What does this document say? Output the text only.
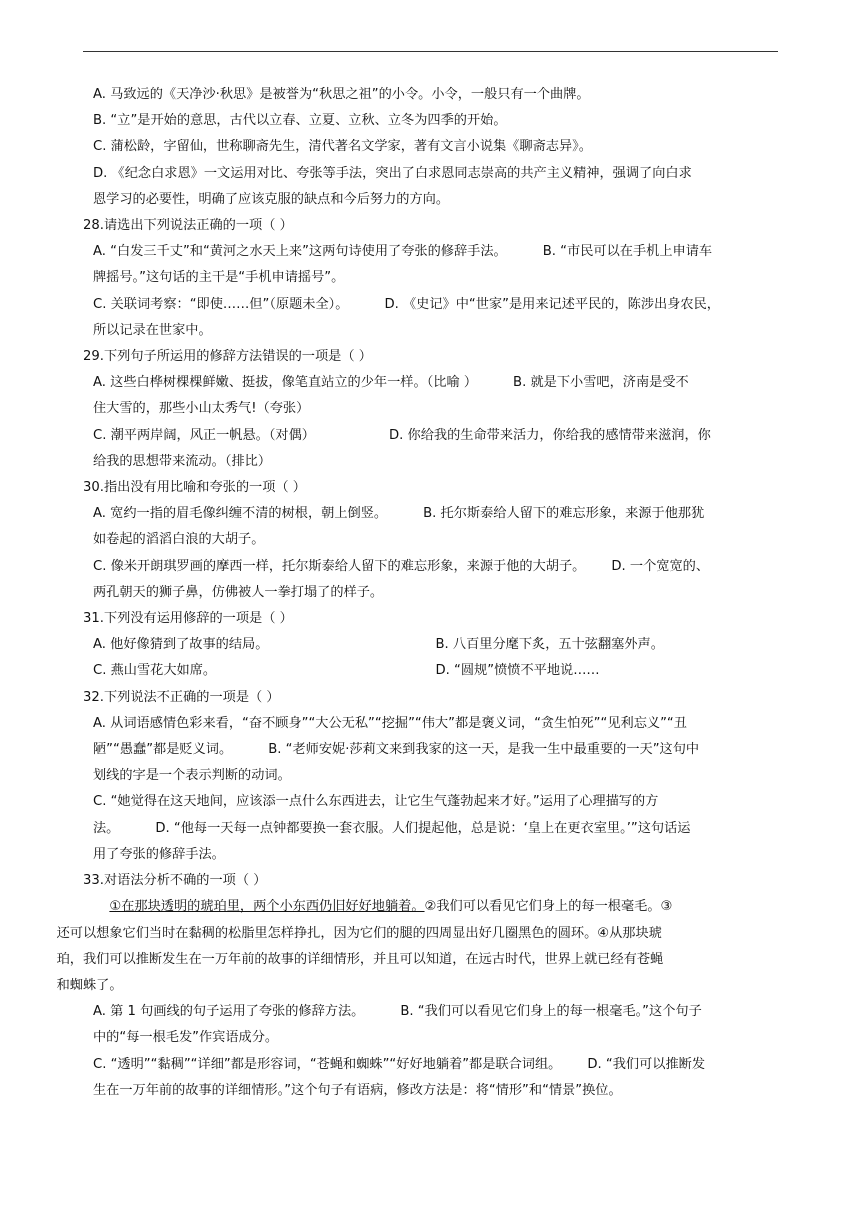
A. 马致远的《天净沙·秋思》是被誉为“秋思之祖”的小令。小令，一般只有一个曲牌。

B. “立”是开始的意思，古代以立春、立夏、立秋、立冬为四季的开始。

C. 蒲松龄，字留仙，世称聊斋先生，清代著名文学家，著有文言小说集《聊斋志异》。

D. 《纪念白求恩》一文运用对比、夸张等手法，突出了白求恩同志崇高的共产主义精神，强调了向白求
恩学习的必要性，明确了应该克服的缺点和今后努力的方向。

28.请选出下列说法正确的一项（ ）

A. “白发三千丈”和“黄河之水天上来”这两句诗使用了夸张的修辞手法。	B. “市民可以在手机上申请车
牌摇号。”这句话的主干是“手机申请摇号”。

C. 关联词考察：“即使……但”（原题未全）。	D. 《史记》中“世家”是用来记述平民的，陈涉出身农民，
所以记录在世家中。

29.下列句子所运用的修辞方法错误的一项是（ ）

A. 这些白桦树棵棵鲜嫩、挺拔，像笔直站立的少年一样。（比喻 ）	B. 就是下小雪吧，济南是受不
住大雪的，那些小山太秀气!（夸张）

C. 潮平两岸阔，风正一帆悬。（对偶）	D. 你给我的生命带来活力，你给我的感情带来滋润，你
给我的思想带来流动。（排比）

30.指出没有用比喻和夸张的一项（ ）

A. 宽约一指的眉毛像纠缠不清的树根，朝上倒竖。	B. 托尔斯泰给人留下的难忘形象，来源于他那犹
如卷起的滔滔白浪的大胡子。

C. 像米开朗琪罗画的摩西一样，托尔斯泰给人留下的难忘形象，来源于他的大胡子。 D. 一个宽宽的、
两孔朝天的狮子鼻，仿佛被人一拳打塌了的样子。

31.下列没有运用修辞的一项是（ ）

A. 他好像猜到了故事的结局。	B. 八百里分麾下炙，五十弦翻塞外声。
C. 燕山雪花大如席。	D. “圆规”愤愤不平地说……

32.下列说法不正确的一项是（ ）

A. 从词语感情色彩来看，“奋不顾身”“大公无私”“挖掘”“伟大”都是褒义词，“贪生怕死”“见利忘义”“丑
陋”“愚蠢”都是贬义词。	B. “老师安妮·莎莉文来到我家的这一天，是我一生中最重要的一天”这句中
划线的字是一个表示判断的动词。

C. “她觉得在这天地间，应该添一点什么东西进去，让它生气蓬勃起来才好。”运用了心理描写的方
法。	D. “他每一天每一点钟都要换一套衣服。人们提起他，总是说：‘皇上在更衣室里。’”这句话运
用了夸张的修辞手法。

33.对语法分析不确的一项（ ）

①在那块透明的琥珀里，两个小东西仍旧好好地躺着。②我们可以看见它们身上的每一根毫毛。③
还可以想象它们当时在黏稠的松脂里怎样挣扎，因为它们的腿的四周显出好几圈黑色的圆环。④从那块琥
珀，我们可以推断发生在一万年前的故事的详细情形，并且可以知道，在远古时代，世界上就已经有苍蝇
和蜘蛛了。

A. 第 1 句画线的句子运用了夸张的修辞方法。	B. “我们可以看见它们身上的每一根毫毛。”这个句子
中的“每一根毛发”作宾语成分。

C. “透明”“黏稠”“详细”都是形容词，“苍蝇和蜘蛛”“好好地躺着”都是联合词组。 D. “我们可以推断发
生在一万年前的故事的详细情形。”这个句子有语病，修改方法是：将“情形”和“情景”换位。
